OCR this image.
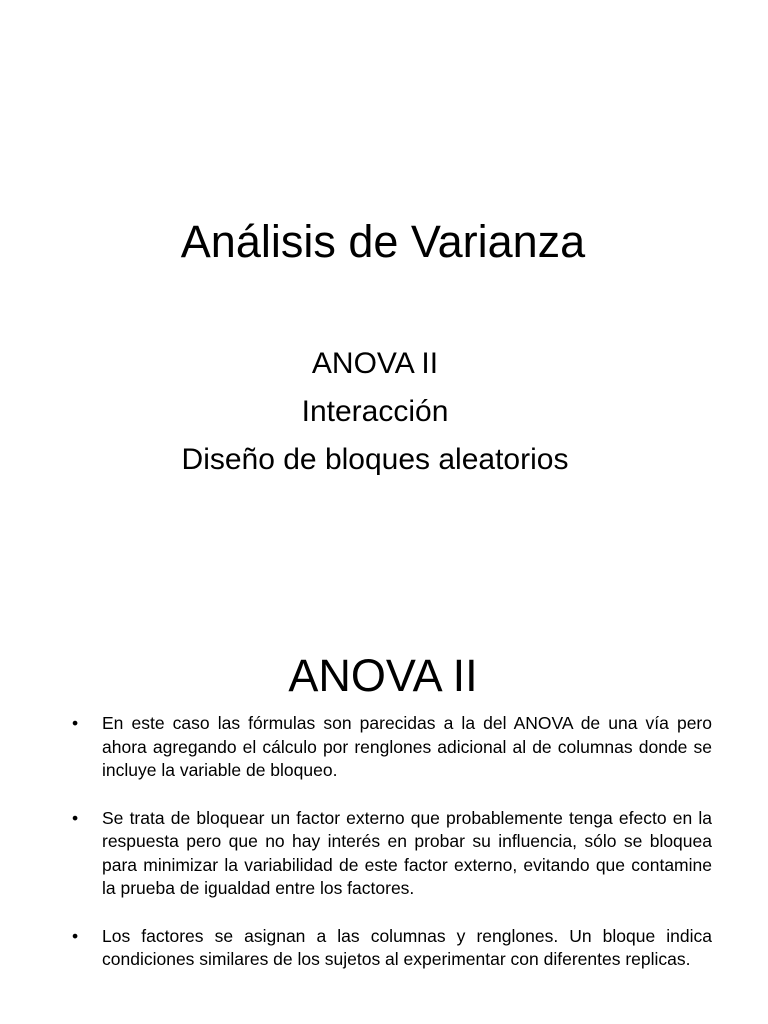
Análisis de Varianza
ANOVA II
Interacción
Diseño de bloques aleatorios
ANOVA II
• En este caso las fórmulas son parecidas a la del ANOVA de una vía pero ahora agregando el cálculo por renglones adicional al de columnas donde se incluye la variable de bloqueo.
• Se trata de bloquear un factor externo que probablemente tenga efecto en la respuesta pero que no hay interés en probar su influencia, sólo se bloquea para minimizar la variabilidad de este factor externo, evitando que contamine la prueba de igualdad entre los factores.
• Los factores se asignan a las columnas y renglones. Un bloque indica condiciones similares de los sujetos al experimentar con diferentes replicas.
